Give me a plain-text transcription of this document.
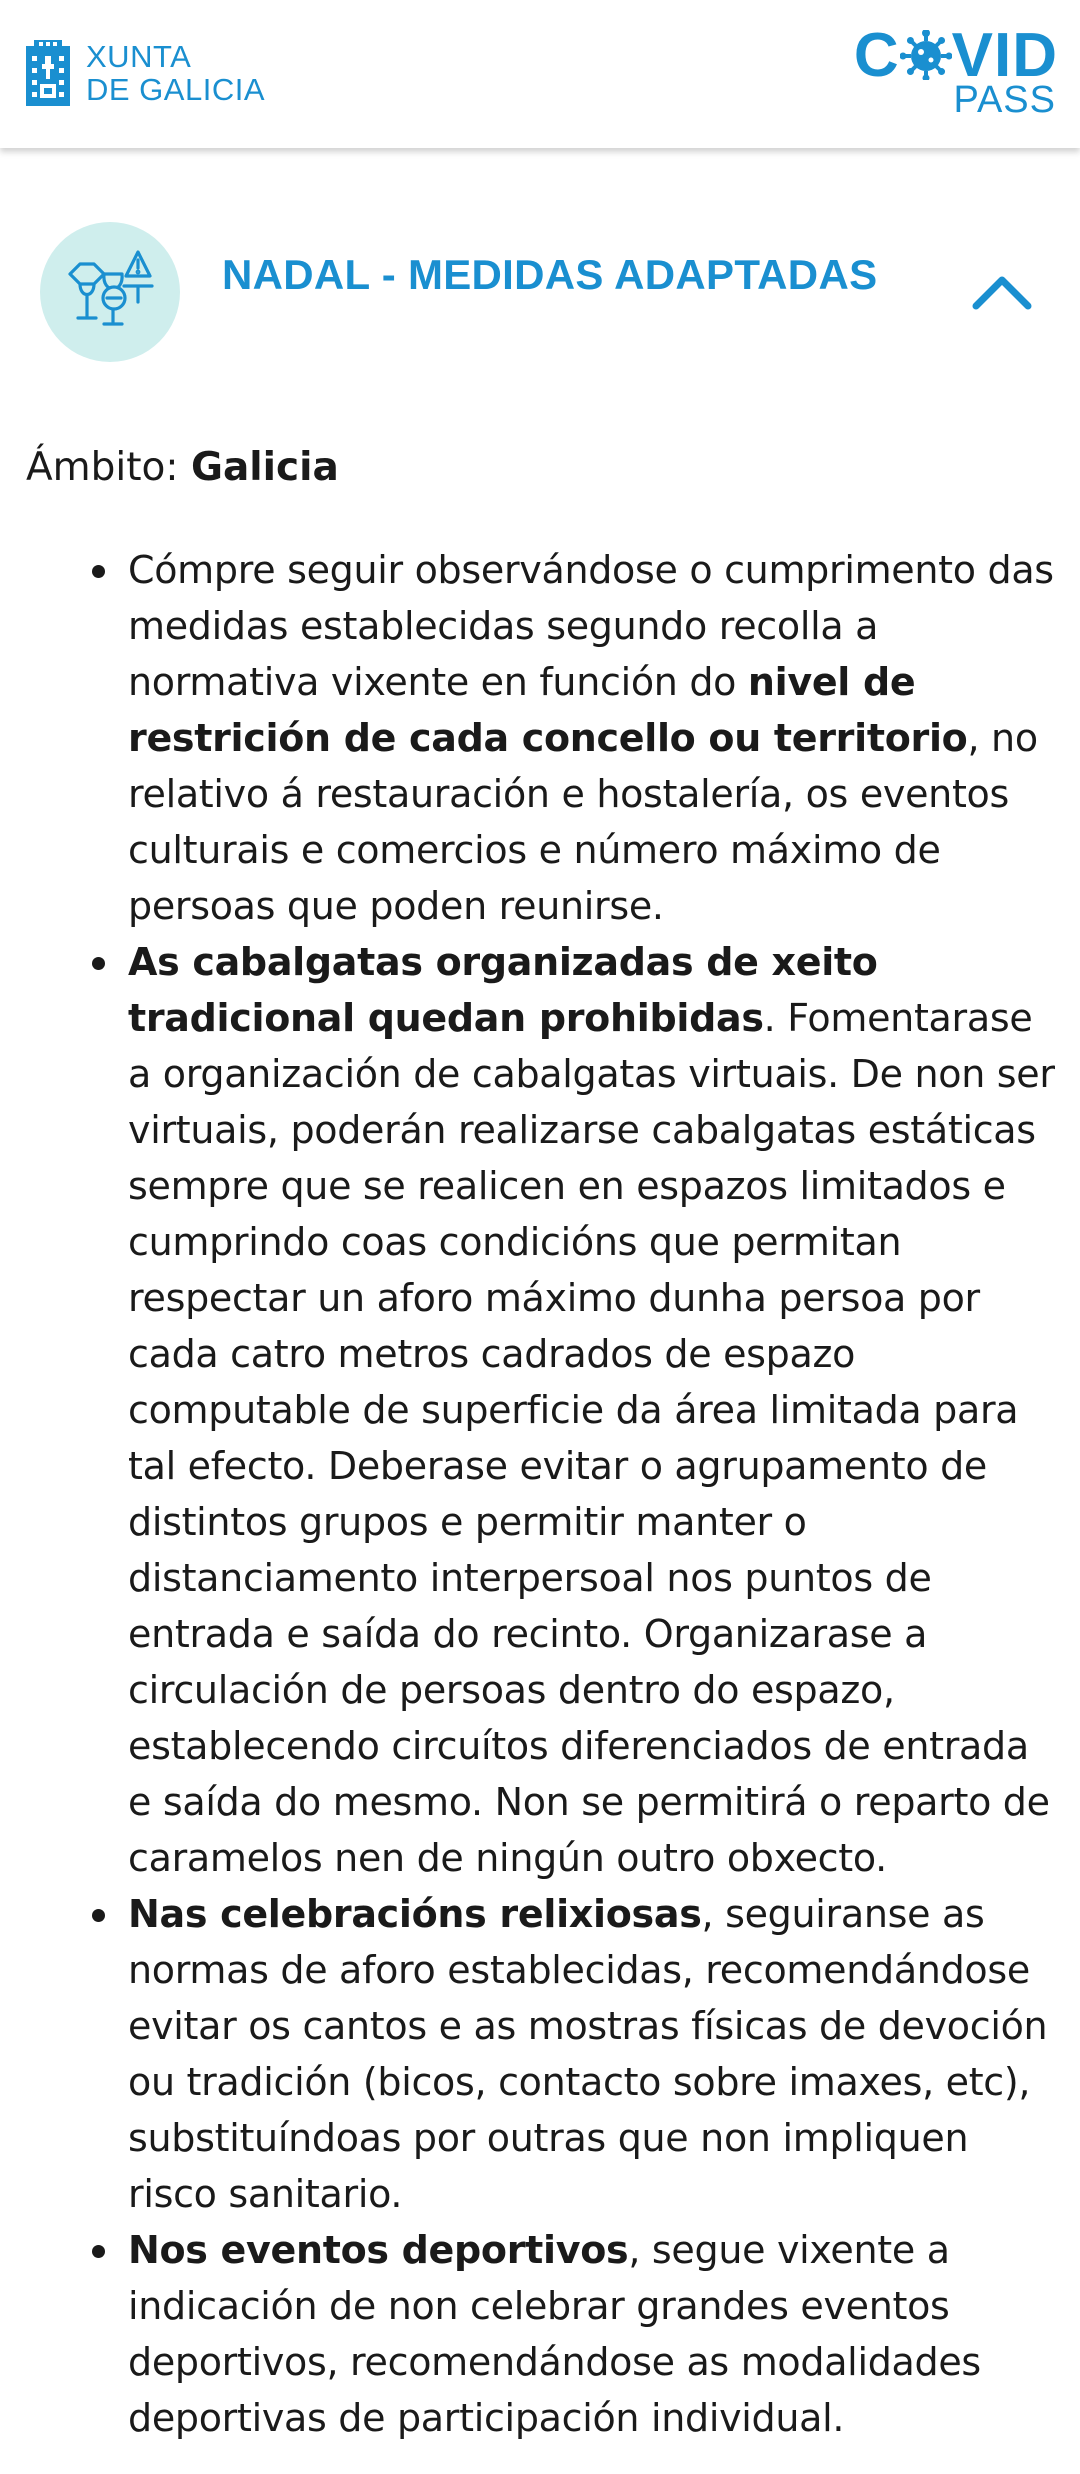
XUNTA
DE GALICIA	C VID
PASS
NADAL - MEDIDAS ADAPTADAS
Ámbito: Galicia
Cómpre seguir observándose o cumprimento das medidas establecidas segundo recolla a normativa vixente en función do nivel de restrición de cada concello ou territorio, no relativo á restauración e hostalería, os eventos culturais e comercios e número máximo de persoas que poden reunirse.
As cabalgatas organizadas de xeito tradicional quedan prohibidas. Fomentarase a organización de cabalgatas virtuais. De non ser virtuais, poderán realizarse cabalgatas estáticas sempre que se realicen en espazos limitados e cumprindo coas condicións que permitan respectar un aforo máximo dunha persoa por cada catro metros cadrados de espazo computable de superficie da área limitada para tal efecto. Deberase evitar o agrupamento de distintos grupos e permitir manter o distanciamento interpersoal nos puntos de entrada e saída do recinto. Organizarase a circulación de persoas dentro do espazo, establecendo circuítos diferenciados de entrada e saída do mesmo. Non se permitirá o reparto de caramelos nen de ningún outro obxecto.
Nas celebracións relixiosas, seguiranse as normas de aforo establecidas, recomendándose evitar os cantos e as mostras físicas de devoción ou tradición (bicos, contacto sobre imaxes, etc), substituíndoas por outras que non impliquen risco sanitario.
Nos eventos deportivos, segue vixente a indicación de non celebrar grandes eventos deportivos, recomendándose as modalidades deportivas de participación individual.
